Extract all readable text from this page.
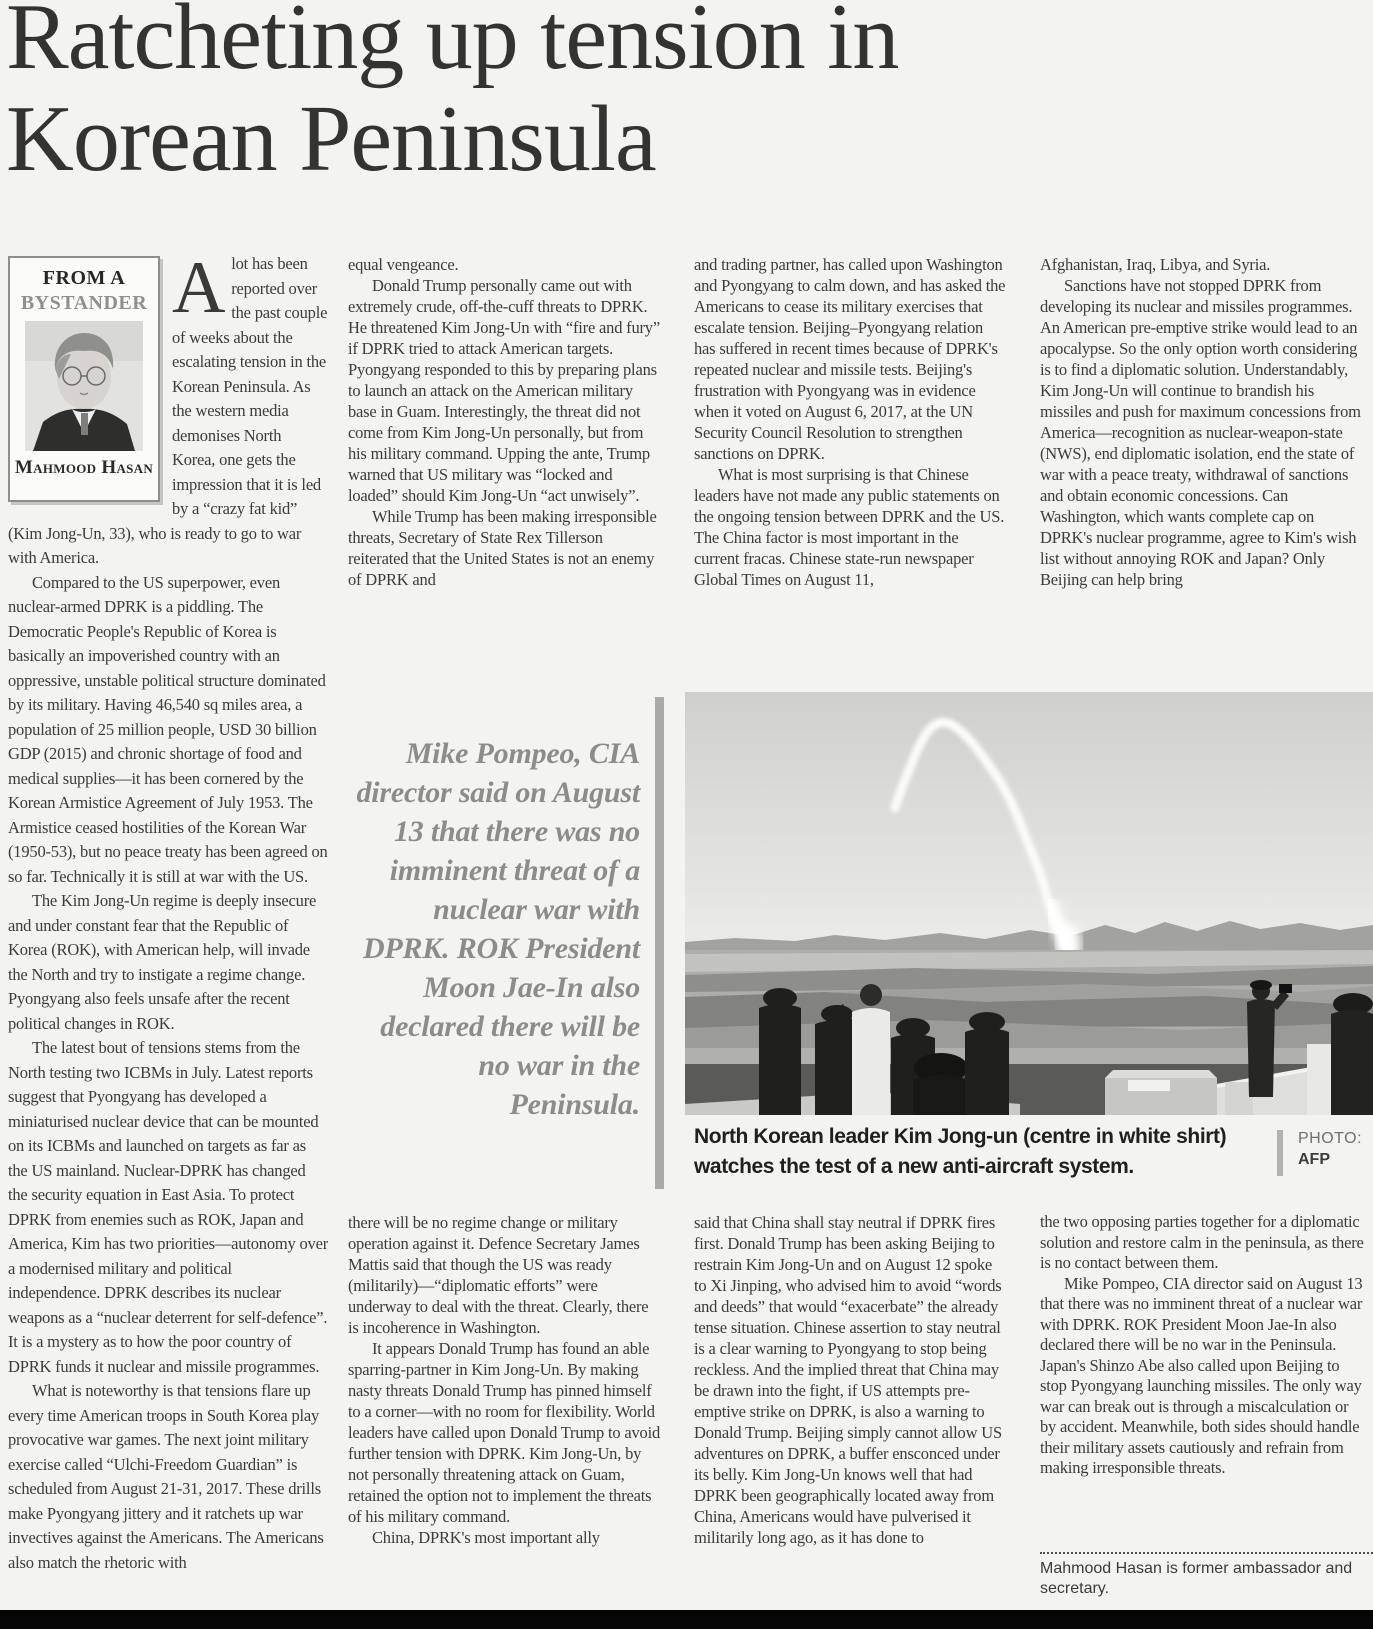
Ratcheting up tension in Korean Peninsula
FROM A
BYSTANDER
Mahmood Hasan

Alot has been reported over the past couple of weeks about the escalating tension in the Korean Peninsula. As the western media demonises North Korea, one gets the impression that it is led by a “crazy fat kid” (Kim Jong-Un, 33), who is ready to go to war with America.

Compared to the US superpower, even nuclear-armed DPRK is a piddling. The Democratic People's Republic of Korea is basically an impoverished country with an oppressive, unstable political structure dominated by its military. Having 46,540 sq miles area, a population of 25 million people, USD 30 billion GDP (2015) and chronic shortage of food and medical supplies—it has been cornered by the Korean Armistice Agreement of July 1953. The Armistice ceased hostilities of the Korean War (1950-53), but no peace treaty has been agreed on so far. Technically it is still at war with the US.

The Kim Jong-Un regime is deeply insecure and under constant fear that the Republic of Korea (ROK), with American help, will invade the North and try to instigate a regime change. Pyongyang also feels unsafe after the recent political changes in ROK.

The latest bout of tensions stems from the North testing two ICBMs in July. Latest reports suggest that Pyongyang has developed a miniaturised nuclear device that can be mounted on its ICBMs and launched on targets as far as the US mainland. Nuclear-DPRK has changed the security equation in East Asia. To protect DPRK from enemies such as ROK, Japan and America, Kim has two priorities—autonomy over a modernised military and political independence. DPRK describes its nuclear weapons as a “nuclear deterrent for self-defence”. It is a mystery as to how the poor country of DPRK funds it nuclear and missile programmes.

What is noteworthy is that tensions flare up every time American troops in South Korea play provocative war games. The next joint military exercise called “Ulchi-Freedom Guardian” is scheduled from August 21-31, 2017. These drills make Pyongyang jittery and it ratchets up war invectives against the Americans. The Americans also match the rhetoric with

equal vengeance.

Donald Trump personally came out with extremely crude, off-the-cuff threats to DPRK. He threatened Kim Jong-Un with “fire and fury” if DPRK tried to attack American targets. Pyongyang responded to this by preparing plans to launch an attack on the American military base in Guam. Interestingly, the threat did not come from Kim Jong-Un personally, but from his military command. Upping the ante, Trump warned that US military was “locked and loaded” should Kim Jong-Un “act unwisely”.

While Trump has been making irresponsible threats, Secretary of State Rex Tillerson reiterated that the United States is not an enemy of DPRK and

Mike Pompeo, CIA director said on August 13 that there was no imminent threat of a nuclear war with DPRK. ROK President Moon Jae-In also declared there will be no war in the Peninsula.

North Korean leader Kim Jong-un (centre in white shirt) watches the test of a new anti-aircraft system.

PHOTO:
AFP

there will be no regime change or military operation against it. Defence Secretary James Mattis said that though the US was ready (militarily)—“diplomatic efforts” were underway to deal with the threat. Clearly, there is incoherence in Washington.

It appears Donald Trump has found an able sparring-partner in Kim Jong-Un. By making nasty threats Donald Trump has pinned himself to a corner—with no room for flexibility. World leaders have called upon Donald Trump to avoid further tension with DPRK. Kim Jong-Un, by not personally threatening attack on Guam, retained the option not to implement the threats of his military command.

China, DPRK's most important ally

and trading partner, has called upon Washington and Pyongyang to calm down, and has asked the Americans to cease its military exercises that escalate tension. Beijing–Pyongyang relation has suffered in recent times because of DPRK's repeated nuclear and missile tests. Beijing's frustration with Pyongyang was in evidence when it voted on August 6, 2017, at the UN Security Council Resolution to strengthen sanctions on DPRK.

What is most surprising is that Chinese leaders have not made any public statements on the ongoing tension between DPRK and the US. The China factor is most important in the current fracas. Chinese state-run newspaper Global Times on August 11,

said that China shall stay neutral if DPRK fires first. Donald Trump has been asking Beijing to restrain Kim Jong-Un and on August 12 spoke to Xi Jinping, who advised him to avoid “words and deeds” that would “exacerbate” the already tense situation. Chinese assertion to stay neutral is a clear warning to Pyongyang to stop being reckless. And the implied threat that China may be drawn into the fight, if US attempts pre-emptive strike on DPRK, is also a warning to Donald Trump. Beijing simply cannot allow US adventures on DPRK, a buffer ensconced under its belly. Kim Jong-Un knows well that had DPRK been geographically located away from China, Americans would have pulverised it militarily long ago, as it has done to

Afghanistan, Iraq, Libya, and Syria.

Sanctions have not stopped DPRK from developing its nuclear and missiles programmes. An American pre-emptive strike would lead to an apocalypse. So the only option worth considering is to find a diplomatic solution. Understandably, Kim Jong-Un will continue to brandish his missiles and push for maximum concessions from America—recognition as nuclear-weapon-state (NWS), end diplomatic isolation, end the state of war with a peace treaty, withdrawal of sanctions and obtain economic concessions. Can Washington, which wants complete cap on DPRK's nuclear programme, agree to Kim's wish list without annoying ROK and Japan? Only Beijing can help bring

the two opposing parties together for a diplomatic solution and restore calm in the peninsula, as there is no contact between them.

Mike Pompeo, CIA director said on August 13 that there was no imminent threat of a nuclear war with DPRK. ROK President Moon Jae-In also declared there will be no war in the Peninsula. Japan's Shinzo Abe also called upon Beijing to stop Pyongyang launching missiles. The only way war can break out is through a miscalculation or by accident. Meanwhile, both sides should handle their military assets cautiously and refrain from making irresponsible threats.

Mahmood Hasan is former ambassador and secretary.
